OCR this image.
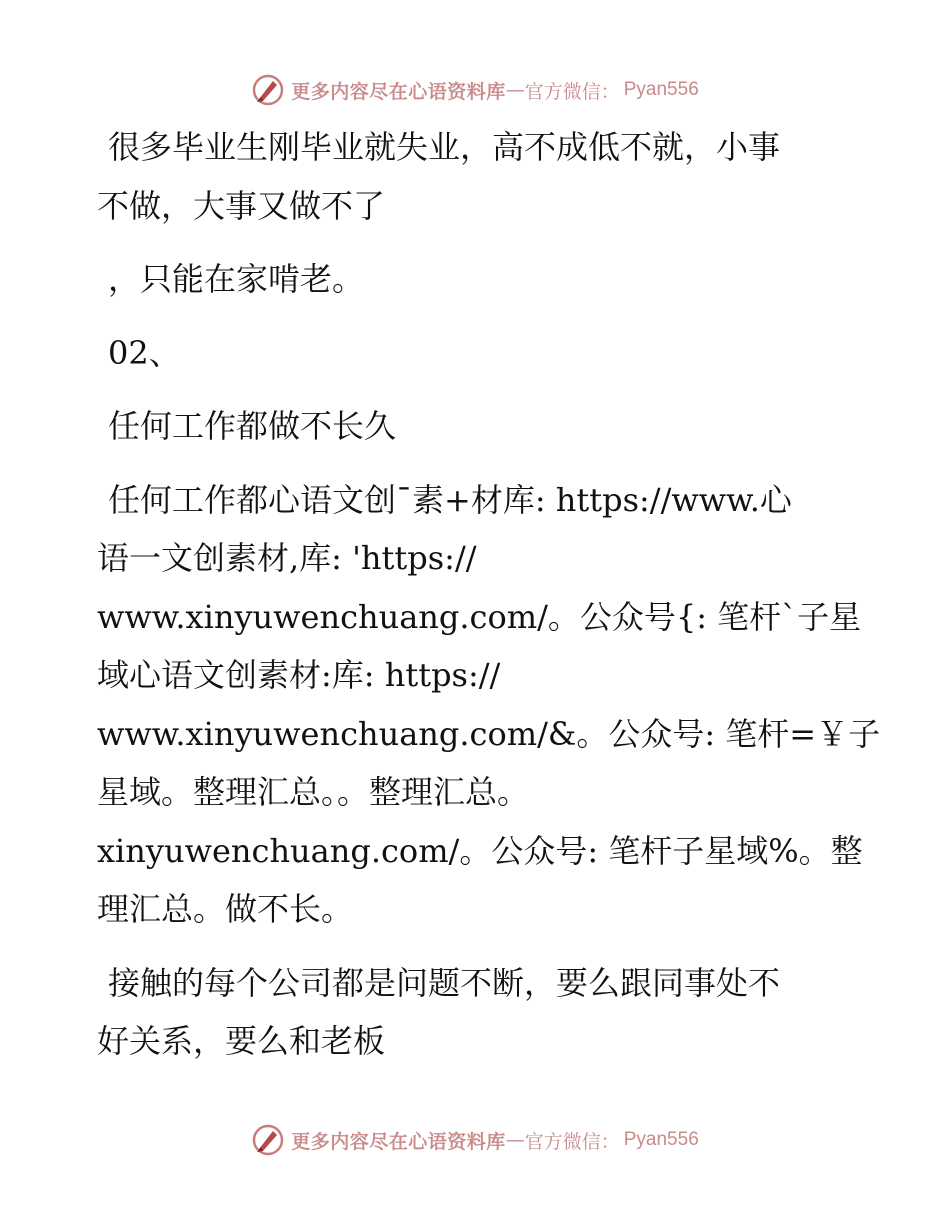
更多内容尽在心语资料库 — 官方微信： Pyan556

很多毕业生刚毕业就失业，高不成低不就，小事
不做，大事又做不了

，只能在家啃老。

02、

任何工作都做不长久

任何工作都心语文创¯素+材库: https://www.心
语一文创素材,库: 'https://
www.xinyuwenchuang.com/。公众号{: 笔杆`子星
域心语文创素材:库: https://
www.xinyuwenchuang.com/&。公众号: 笔杆=￥子
星域。整理汇总。。整理汇总。
xinyuwenchuang.com/。公众号: 笔杆子星域%。整
理汇总。做不长。

接触的每个公司都是问题不断，要么跟同事处不
好关系，要么和老板

更多内容尽在心语资料库 — 官方微信： Pyan556
